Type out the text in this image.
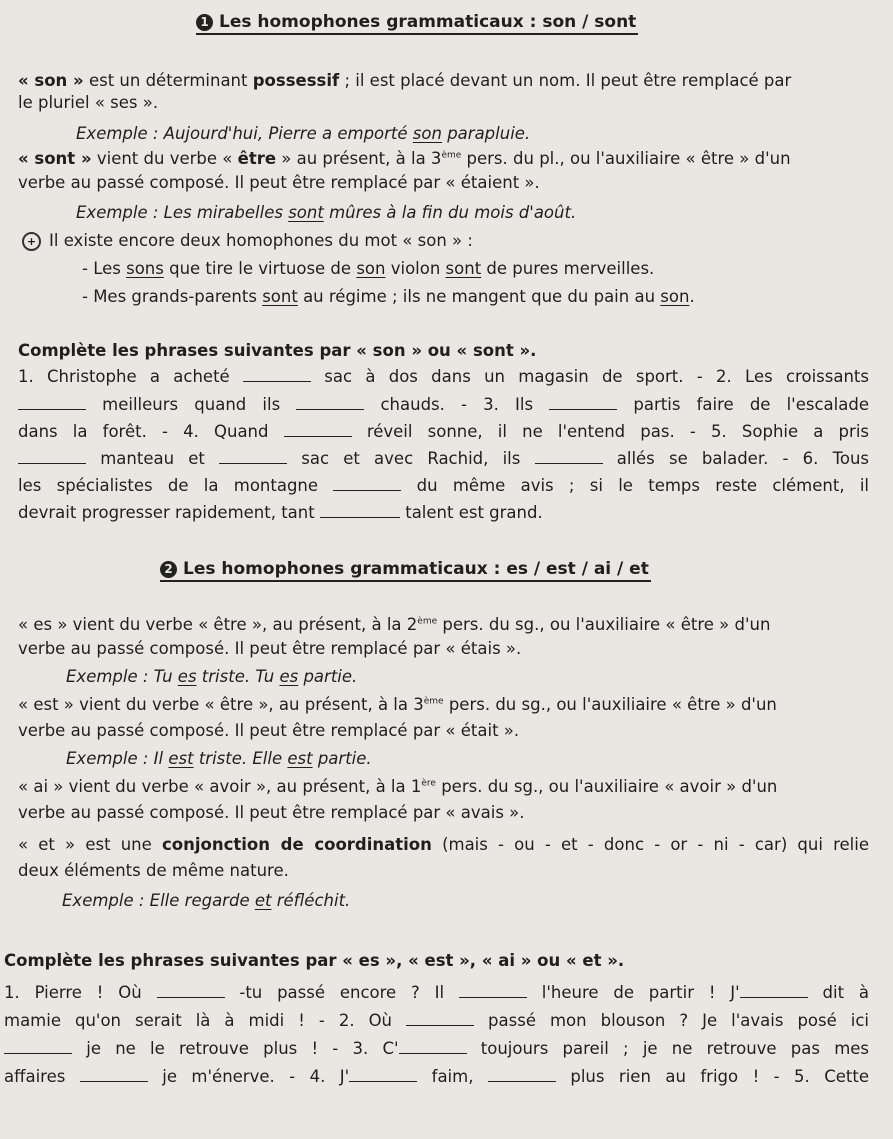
1 Les homophones grammaticaux : son / sont
« son » est un déterminant possessif ; il est placé devant un nom. Il peut être remplacé par
le pluriel « ses ».
Exemple : Aujourd'hui, Pierre a emporté son parapluie.
« sont » vient du verbe « être » au présent, à la 3ème pers. du pl., ou l'auxiliaire « être » d'un
verbe au passé composé. Il peut être remplacé par « étaient ».
Exemple : Les mirabelles sont mûres à la fin du mois d'août.
+ Il existe encore deux homophones du mot « son » :
- Les sons que tire le virtuose de son violon sont de pures merveilles.
- Mes grands-parents sont au régime ; ils ne mangent que du pain au son.
Complète les phrases suivantes par « son » ou « sont ».
1. Christophe a acheté	sac à dos dans un magasin de sport. - 2. Les croissants
meilleurs quand ils	chauds. - 3. Ils	partis faire de l'escalade
dans la forêt. - 4. Quand	réveil sonne, il ne l'entend pas. - 5. Sophie a pris
manteau et	sac et avec Rachid, ils	allés se balader. - 6. Tous
les spécialistes de la montagne	du même avis ; si le temps reste clément, il
devrait progresser rapidement, tant	talent est grand.
2 Les homophones grammaticaux : es / est / ai / et
« es » vient du verbe « être », au présent, à la 2ème pers. du sg., ou l'auxiliaire « être » d'un
verbe au passé composé. Il peut être remplacé par « étais ».
Exemple : Tu es triste. Tu es partie.
« est » vient du verbe « être », au présent, à la 3ème pers. du sg., ou l'auxiliaire « être » d'un
verbe au passé composé. Il peut être remplacé par « était ».
Exemple : Il est triste. Elle est partie.
« ai » vient du verbe « avoir », au présent, à la 1ère pers. du sg., ou l'auxiliaire « avoir » d'un
verbe au passé composé. Il peut être remplacé par « avais ».
« et » est une conjonction de coordination (mais - ou - et - donc - or - ni - car) qui relie
deux éléments de même nature.
Exemple : Elle regarde et réfléchit.
Complète les phrases suivantes par « es », « est », « ai » ou « et ».
1. Pierre ! Où	-tu passé encore ? Il	l'heure de partir ! J'	dit à
mamie qu'on serait là à midi ! - 2. Où	passé mon blouson ? Je l'avais posé ici
je ne le retrouve plus ! - 3. C'	toujours pareil ; je ne retrouve pas mes
affaires	je m'énerve. - 4. J'	faim,	plus rien au frigo ! - 5. Cette
